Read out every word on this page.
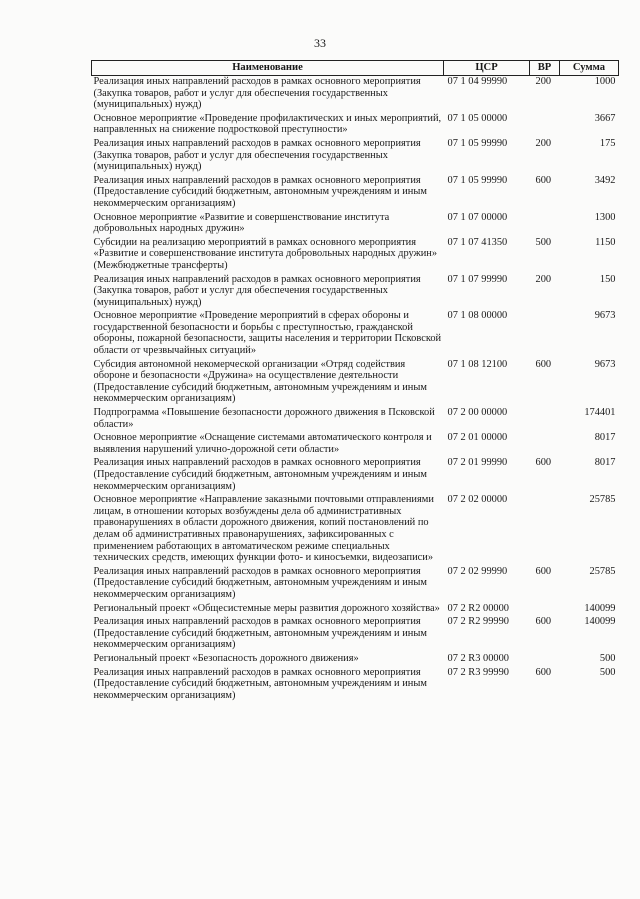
33
Наименование	ЦСР	ВР	Сумма
Реализация иных направлений расходов в рамках основного мероприятия (Закупка товаров, работ и услуг для обеспечения государственных (муниципальных) нужд)	07 1 04 99990	200	1000
Основное мероприятие «Проведение профилактических и иных мероприятий, направленных на снижение подростковой преступности»	07 1 05 00000		3667
Реализация иных направлений расходов в рамках основного мероприятия (Закупка товаров, работ и услуг для обеспечения государственных (муниципальных) нужд)	07 1 05 99990	200	175
Реализация иных направлений расходов в рамках основного мероприятия (Предоставление субсидий бюджетным, автономным учреждениям и иным некоммерческим организациям)	07 1 05 99990	600	3492
Основное мероприятие «Развитие и совершенствование института добровольных народных дружин»	07 1 07 00000		1300
Субсидии на реализацию мероприятий в рамках основного мероприятия «Развитие и совершенствование института добровольных народных дружин» (Межбюджетные трансферты)	07 1 07 41350	500	1150
Реализация иных направлений расходов в рамках основного мероприятия (Закупка товаров, работ и услуг для обеспечения государственных (муниципальных) нужд)	07 1 07 99990	200	150
Основное мероприятие «Проведение мероприятий в сферах обороны и государственной безопасности и борьбы с преступностью, гражданской обороны, пожарной безопасности, защиты населения и территории Псковской области от чрезвычайных ситуаций»	07 1 08 00000		9673
Субсидия автономной некомерческой организации «Отряд содействия обороне и безопасности «Дружина» на осуществление деятельности (Предоставление субсидий бюджетным, автономным учреждениям и иным некоммерческим организациям)	07 1 08 12100	600	9673
Подпрограмма «Повышение безопасности дорожного движения в Псковской области»	07 2 00 00000		174401
Основное мероприятие «Оснащение системами автоматического контроля и выявления нарушений улично-дорожной сети области»	07 2 01 00000		8017
Реализация иных направлений расходов в рамках основного мероприятия (Предоставление субсидий бюджетным, автономным учреждениям и иным некоммерческим организациям)	07 2 01 99990	600	8017
Основное мероприятие «Направление заказными почтовыми отправлениями лицам, в отношении которых возбуждены дела об административных правонарушениях в области дорожного движения, копий постановлений по делам об административных правонарушениях, зафиксированных с применением работающих в автоматическом режиме специальных технических средств, имеющих функции фото- и киносъемки, видеозаписи»	07 2 02 00000		25785
Реализация иных направлений расходов в рамках основного мероприятия (Предоставление субсидий бюджетным, автономным учреждениям и иным некоммерческим организациям)	07 2 02 99990	600	25785
Региональный проект «Общесистемные меры развития дорожного хозяйства»	07 2 R2 00000		140099
Реализация иных направлений расходов в рамках основного мероприятия (Предоставление субсидий бюджетным, автономным учреждениям и иным некоммерческим организациям)	07 2 R2 99990	600	140099
Региональный проект «Безопасность дорожного движения»	07 2 R3 00000		500
Реализация иных направлений расходов в рамках основного мероприятия (Предоставление субсидий бюджетным, автономным учреждениям и иным некоммерческим организациям)	07 2 R3 99990	600	500
